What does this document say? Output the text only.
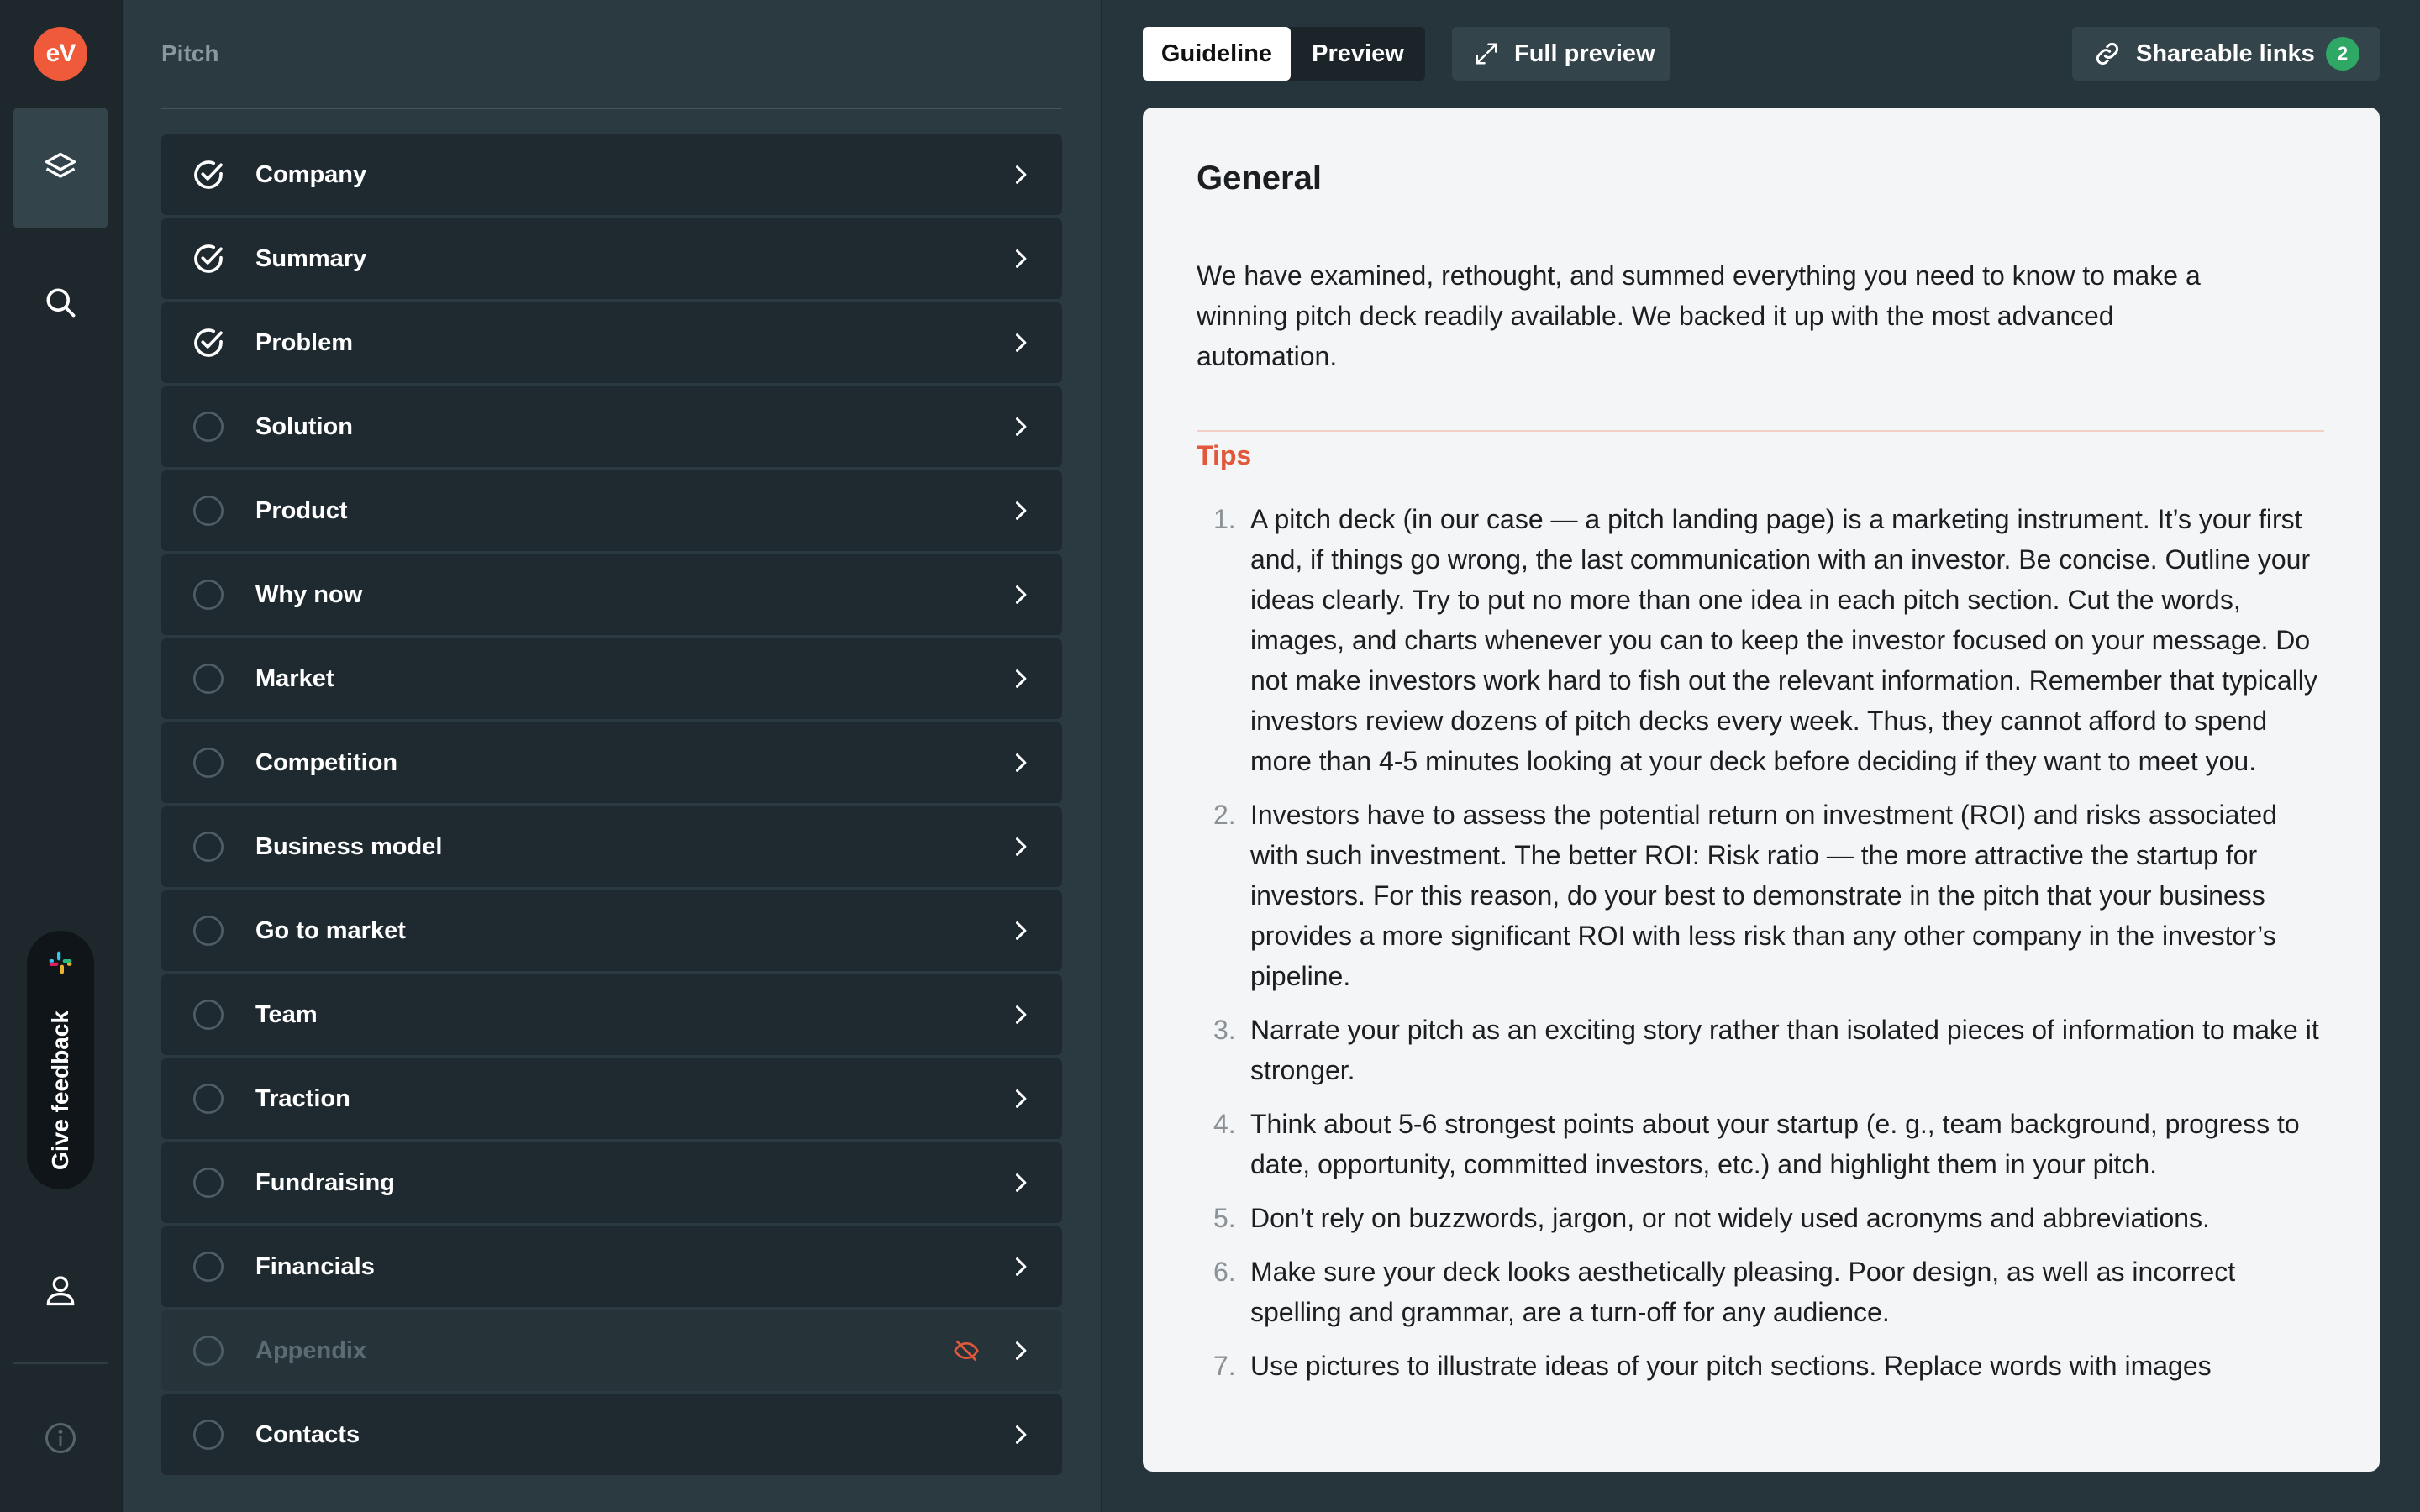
eV
Give feedback
Pitch
Company
Summary
Problem
Solution
Product
Why now
Market
Competition
Business model
Go to market
Team
Traction
Fundraising
Financials
Appendix
Contacts
Guideline	Preview	Full preview	Shareable links	2
General

We have examined, rethought, and summed everything you need to know to make a winning pitch deck readily available. We backed it up with the most advanced automation.

Tips
1. A pitch deck (in our case — a pitch landing page) is a marketing instrument. It’s your first and, if things go wrong, the last communication with an investor. Be concise. Outline your ideas clearly. Try to put no more than one idea in each pitch section. Cut the words, images, and charts whenever you can to keep the investor focused on your message. Do not make investors work hard to fish out the relevant information. Remember that typically investors review dozens of pitch decks every week. Thus, they cannot afford to spend more than 4-5 minutes looking at your deck before deciding if they want to meet you.
2. Investors have to assess the potential return on investment (ROI) and risks associated with such investment. The better ROI: Risk ratio — the more attractive the startup for investors. For this reason, do your best to demonstrate in the pitch that your business provides a more significant ROI with less risk than any other company in the investor’s pipeline.
3. Narrate your pitch as an exciting story rather than isolated pieces of information to make it stronger.
4. Think about 5-6 strongest points about your startup (e. g., team background, progress to date, opportunity, committed investors, etc.) and highlight them in your pitch.
5. Don’t rely on buzzwords, jargon, or not widely used acronyms and abbreviations.
6. Make sure your deck looks aesthetically pleasing. Poor design, as well as incorrect spelling and grammar, are a turn-off for any audience.
7. Use pictures to illustrate ideas of your pitch sections. Replace words with images
